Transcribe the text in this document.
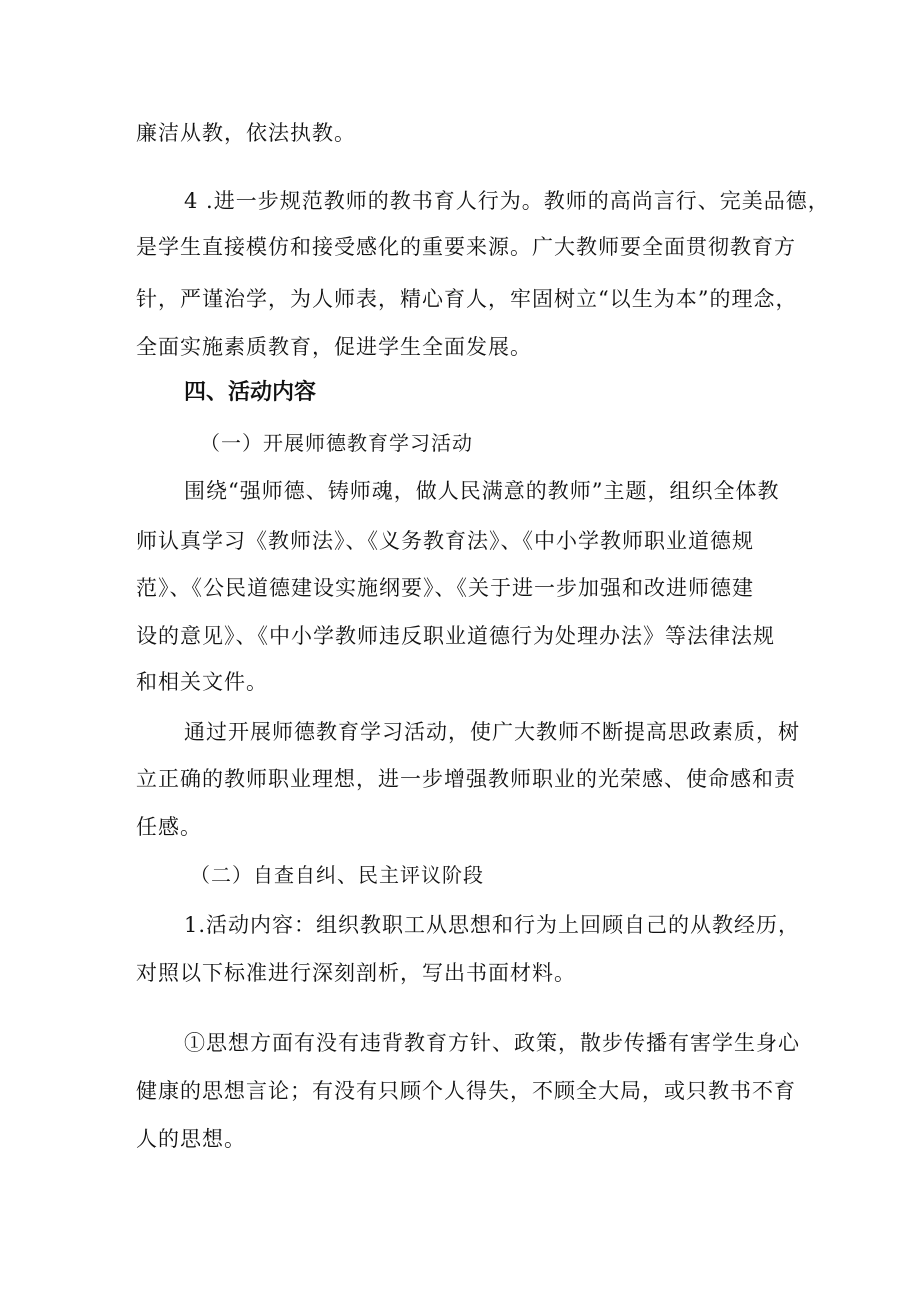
廉洁从教，依法执教。
4 .进一步规范教师的教书育人行为。教师的高尚言行、完美品德，
是学生直接模仿和接受感化的重要来源。广大教师要全面贯彻教育方
针，严谨治学，为人师表，精心育人，牢固树立“以生为本”的理念，
全面实施素质教育，促进学生全面发展。
四、活动内容
（一）开展师德教育学习活动
围绕“强师德、铸师魂，做人民满意的教师”主题，组织全体教
师认真学习《教师法》、《义务教育法》、《中小学教师职业道德规
范》、《公民道德建设实施纲要》、《关于进一步加强和改进师德建
设的意见》、《中小学教师违反职业道德行为处理办法》等法律法规
和相关文件。
通过开展师德教育学习活动，使广大教师不断提高思政素质，树
立正确的教师职业理想，进一步增强教师职业的光荣感、使命感和责
任感。
（二）自查自纠、民主评议阶段
1.活动内容：组织教职工从思想和行为上回顾自己的从教经历，
对照以下标准进行深刻剖析，写出书面材料。
①思想方面有没有违背教育方针、政策，散步传播有害学生身心
健康的思想言论；有没有只顾个人得失，不顾全大局，或只教书不育
人的思想。
